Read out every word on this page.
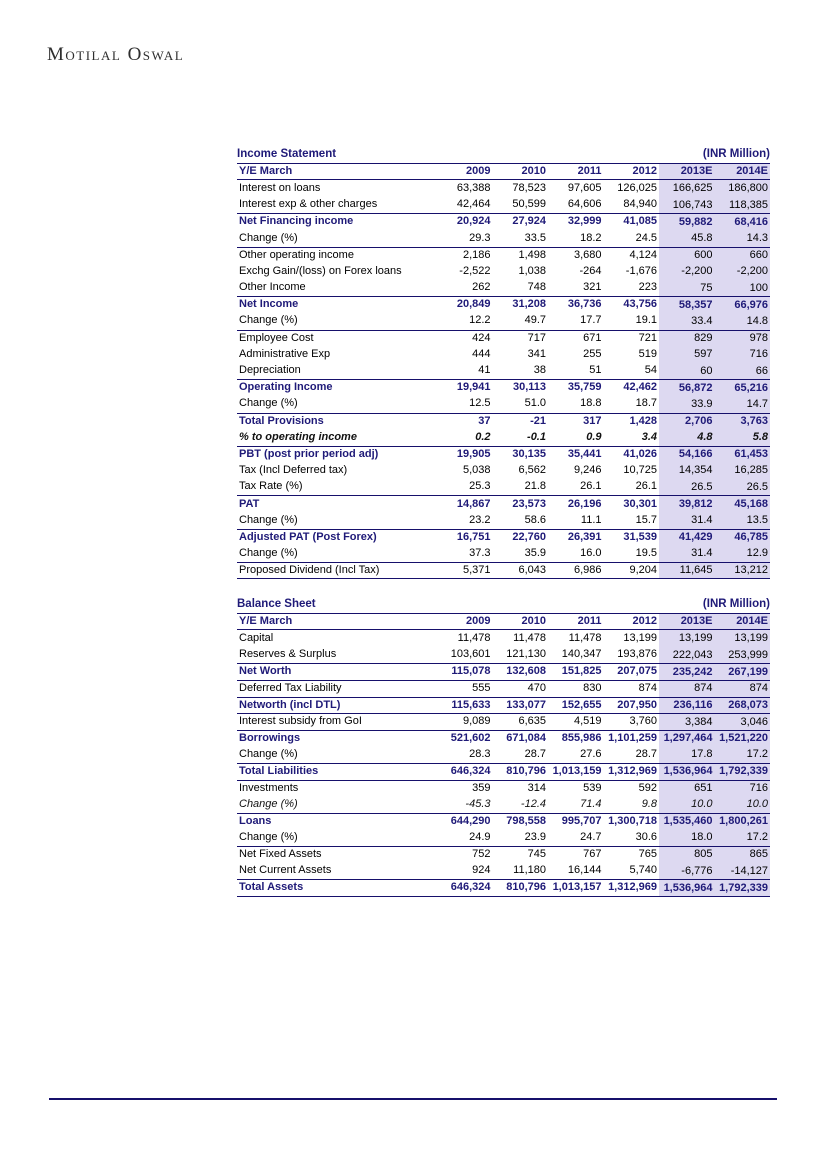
Motilal Oswal
Income Statement	(INR Million)
Y/E March	2009	2010	2011	2012	2013E	2014E
Interest on loans	63,388	78,523	97,605	126,025	166,625	186,800
Interest exp & other charges	42,464	50,599	64,606	84,940	106,743	118,385
Net Financing income	20,924	27,924	32,999	41,085	59,882	68,416
Change (%)	29.3	33.5	18.2	24.5	45.8	14.3
Other operating income	2,186	1,498	3,680	4,124	600	660
Exchg Gain/(loss) on Forex loans	-2,522	1,038	-264	-1,676	-2,200	-2,200
Other Income	262	748	321	223	75	100
Net Income	20,849	31,208	36,736	43,756	58,357	66,976
Change (%)	12.2	49.7	17.7	19.1	33.4	14.8
Employee Cost	424	717	671	721	829	978
Administrative Exp	444	341	255	519	597	716
Depreciation	41	38	51	54	60	66
Operating Income	19,941	30,113	35,759	42,462	56,872	65,216
Change (%)	12.5	51.0	18.8	18.7	33.9	14.7
Total Provisions	37	-21	317	1,428	2,706	3,763
% to operating income	0.2	-0.1	0.9	3.4	4.8	5.8
PBT (post prior period adj)	19,905	30,135	35,441	41,026	54,166	61,453
Tax (Incl Deferred tax)	5,038	6,562	9,246	10,725	14,354	16,285
Tax Rate (%)	25.3	21.8	26.1	26.1	26.5	26.5
PAT	14,867	23,573	26,196	30,301	39,812	45,168
Change (%)	23.2	58.6	11.1	15.7	31.4	13.5
Adjusted PAT (Post Forex)	16,751	22,760	26,391	31,539	41,429	46,785
Change (%)	37.3	35.9	16.0	19.5	31.4	12.9
Proposed Dividend (Incl Tax)	5,371	6,043	6,986	9,204	11,645	13,212
Balance Sheet	(INR Million)
Y/E March	2009	2010	2011	2012	2013E	2014E
Capital	11,478	11,478	11,478	13,199	13,199	13,199
Reserves & Surplus	103,601	121,130	140,347	193,876	222,043	253,999
Net Worth	115,078	132,608	151,825	207,075	235,242	267,199
Deferred Tax Liability	555	470	830	874	874	874
Networth (incl DTL)	115,633	133,077	152,655	207,950	236,116	268,073
Interest subsidy from GoI	9,089	6,635	4,519	3,760	3,384	3,046
Borrowings	521,602	671,084	855,986 1,101,259 1,297,464 1,521,220
Change (%)	28.3	28.7	27.6	28.7	17.8	17.2
Total Liabilities	646,324	810,796 1,013,159 1,312,969 1,536,964 1,792,339
Investments	359	314	539	592	651	716
Change (%)	-45.3	-12.4	71.4	9.8	10.0	10.0
Loans	644,290	798,558	995,707 1,300,718 1,535,460 1,800,261
Change (%)	24.9	23.9	24.7	30.6	18.0	17.2
Net Fixed Assets	752	745	767	765	805	865
Net Current Assets	924	11,180	16,144	5,740	-6,776	-14,127
Total Assets	646,324	810,796 1,013,157 1,312,969 1,536,964 1,792,339
